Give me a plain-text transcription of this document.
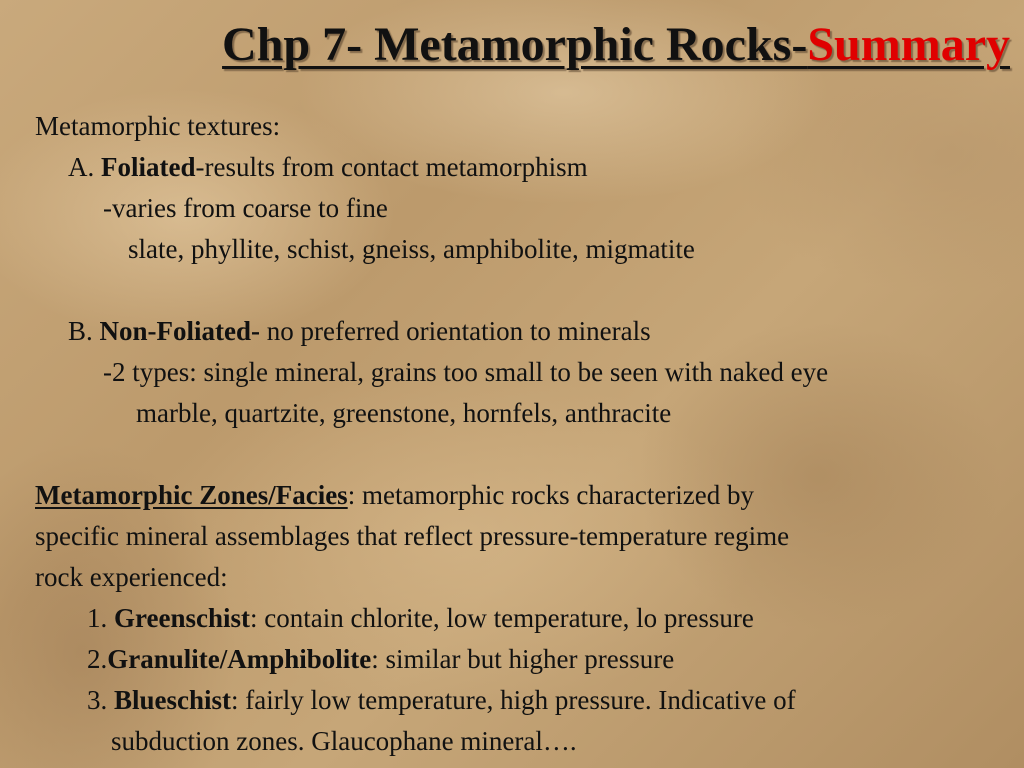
Chp 7- Metamorphic Rocks-Summary
Metamorphic textures:
A. Foliated-results from contact metamorphism
-varies from coarse to fine
slate, phyllite, schist, gneiss, amphibolite, migmatite
B. Non-Foliated- no preferred orientation to minerals
-2 types: single mineral, grains too small to be seen with naked eye
marble, quartzite, greenstone, hornfels, anthracite
Metamorphic Zones/Facies: metamorphic rocks characterized by
specific mineral assemblages that reflect pressure-temperature regime
rock experienced:
1. Greenschist: contain chlorite, low temperature, lo pressure
2.Granulite/Amphibolite: similar but higher pressure
3. Blueschist: fairly low temperature, high pressure. Indicative of
subduction zones. Glaucophane mineral….
